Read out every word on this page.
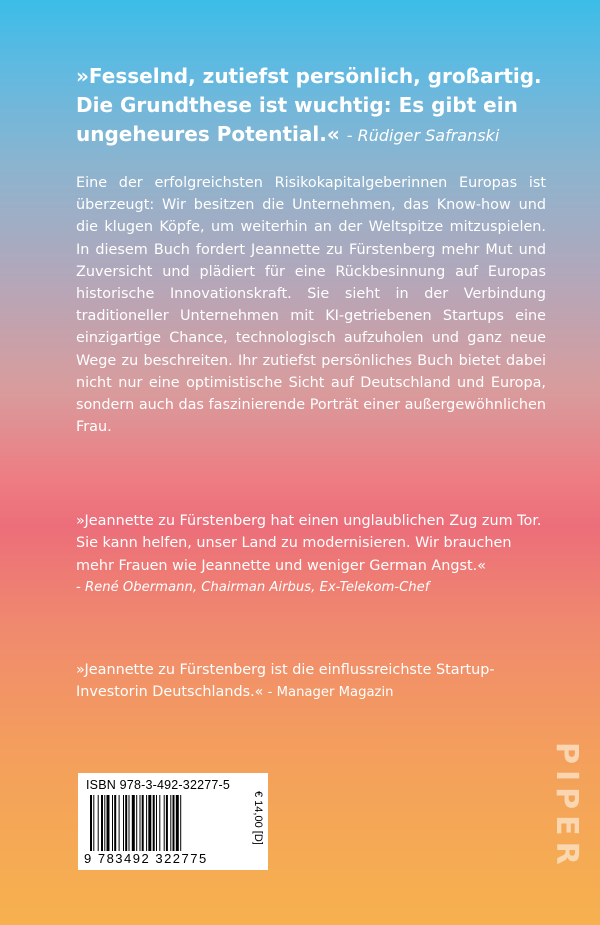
»Fesselnd, zutiefst persönlich, großartig.
Die Grundthese ist wuchtig: Es gibt ein
ungeheures Potential.« - Rüdiger Safranski
Eine der erfolgreichsten Risikokapitalgeberinnen Europas ist überzeugt: Wir besitzen die Unternehmen, das Know-how und die klugen Köpfe, um weiterhin an der Weltspitze mitzuspielen. In diesem Buch fordert Jeannette zu Fürstenberg mehr Mut und Zuversicht und plädiert für eine Rückbesinnung auf Europas historische Innovationskraft. Sie sieht in der Verbindung traditioneller Unternehmen mit KI-getriebenen Startups eine einzigartige Chance, technologisch aufzuholen und ganz neue Wege zu beschreiten. Ihr zutiefst persönliches Buch bietet dabei nicht nur eine optimistische Sicht auf Deutschland und Europa, sondern auch das faszinierende Porträt einer außergewöhnlichen Frau.
»Jeannette zu Fürstenberg hat einen unglaublichen Zug zum Tor. Sie kann helfen, unser Land zu modernisieren. Wir brauchen mehr Frauen wie Jeannette und weniger German Angst.«
- René Obermann, Chairman Airbus, Ex-Telekom-Chef
»Jeannette zu Fürstenberg ist die einflussreichste Startup-Investorin Deutschlands.« - Manager Magazin
ISBN 978-3-492-32277-5
9 783492 322775
€ 14,00 [D]	PIPER
